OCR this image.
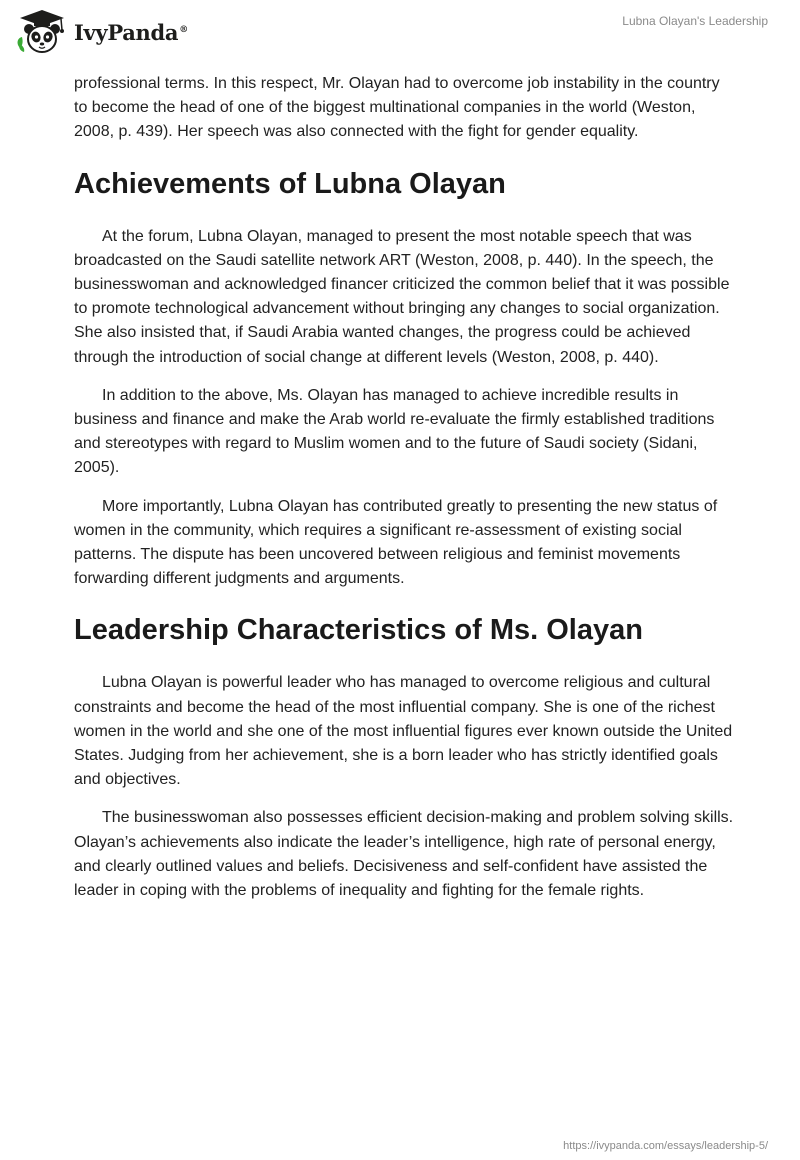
IvyPanda®
Lubna Olayan's Leadership

professional terms. In this respect, Mr. Olayan had to overcome job instability in the country to become the head of one of the biggest multinational companies in the world (Weston, 2008, p. 439). Her speech was also connected with the fight for gender equality.

Achievements of Lubna Olayan

At the forum, Lubna Olayan, managed to present the most notable speech that was broadcasted on the Saudi satellite network ART (Weston, 2008, p. 440). In the speech, the businesswoman and acknowledged financer criticized the common belief that it was possible to promote technological advancement without bringing any changes to social organization. She also insisted that, if Saudi Arabia wanted changes, the progress could be achieved through the introduction of social change at different levels (Weston, 2008, p. 440).

In addition to the above, Ms. Olayan has managed to achieve incredible results in business and finance and make the Arab world re-evaluate the firmly established traditions and stereotypes with regard to Muslim women and to the future of Saudi society (Sidani, 2005).

More importantly, Lubna Olayan has contributed greatly to presenting the new status of women in the community, which requires a significant re-assessment of existing social patterns. The dispute has been uncovered between religious and feminist movements forwarding different judgments and arguments.

Leadership Characteristics of Ms. Olayan

Lubna Olayan is powerful leader who has managed to overcome religious and cultural constraints and become the head of the most influential company. She is one of the richest women in the world and she one of the most influential figures ever known outside the United States. Judging from her achievement, she is a born leader who has strictly identified goals and objectives.

The businesswoman also possesses efficient decision-making and problem solving skills. Olayan’s achievements also indicate the leader’s intelligence, high rate of personal energy, and clearly outlined values and beliefs. Decisiveness and self-confident have assisted the leader in coping with the problems of inequality and fighting for the female rights.

https://ivypanda.com/essays/leadership-5/
